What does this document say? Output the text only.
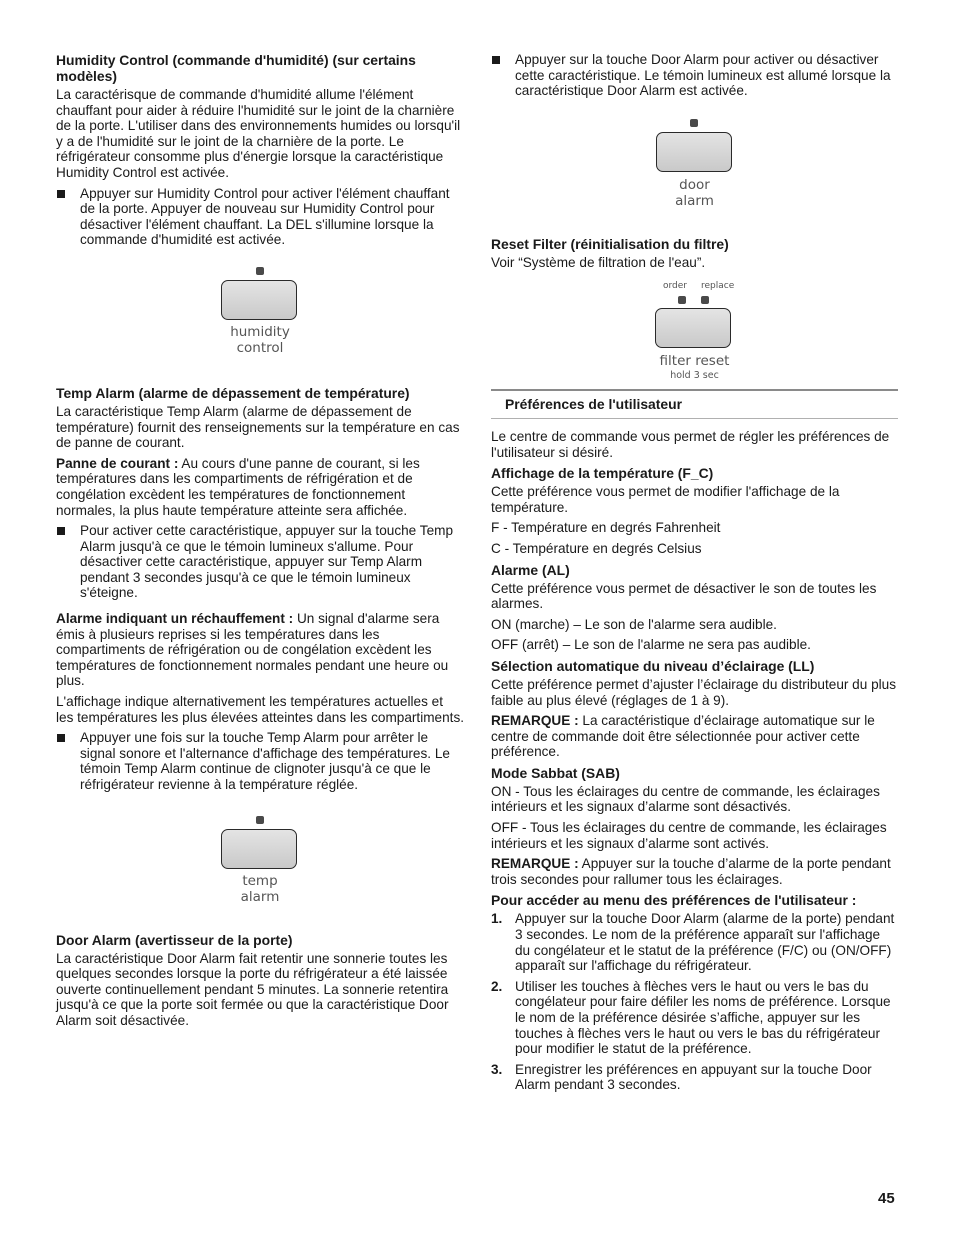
Humidity Control (commande d'humidité) (sur certains modèles)

La caractérisque de commande d'humidité allume l'élément chauffant pour aider à réduire l'humidité sur le joint de la charnière de la porte. L'utiliser dans des environnements humides ou lorsqu'il y a de l'humidité sur le joint de la charnière de la porte. Le réfrigérateur consomme plus d'énergie lorsque la caractéristique Humidity Control est activée.

Appuyer sur Humidity Control pour activer l'élément chauffant de la porte. Appuyer de nouveau sur Humidity Control pour désactiver l'élément chauffant. La DEL s'illumine lorsque la commande d'humidité est activée.
humidity
control
Temp Alarm (alarme de dépassement de température)

La caractéristique Temp Alarm (alarme de dépassement de température) fournit des renseignements sur la température en cas de panne de courant.

Panne de courant : Au cours d'une panne de courant, si les températures dans les compartiments de réfrigération et de congélation excèdent les températures de fonctionnement normales, la plus haute température atteinte sera affichée.

Pour activer cette caractéristique, appuyer sur la touche Temp Alarm jusqu'à ce que le témoin lumineux s'allume. Pour désactiver cette caractéristique, appuyer sur Temp Alarm pendant 3 secondes jusqu'à ce que le témoin lumineux s'éteigne.

Alarme indiquant un réchauffement : Un signal d'alarme sera émis à plusieurs reprises si les températures dans les compartiments de réfrigération ou de congélation excèdent les températures de fonctionnement normales pendant une heure ou plus.

L'affichage indique alternativement les températures actuelles et les températures les plus élevées atteintes dans les compartiments.

Appuyer une fois sur la touche Temp Alarm pour arrêter le signal sonore et l'alternance d'affichage des températures. Le témoin Temp Alarm continue de clignoter jusqu'à ce que le réfrigérateur revienne à la température réglée.
temp
alarm
Door Alarm (avertisseur de la porte)

La caractéristique Door Alarm fait retentir une sonnerie toutes les quelques secondes lorsque la porte du réfrigérateur a été laissée ouverte continuellement pendant 5 minutes. La sonnerie retentira jusqu'à ce que la porte soit fermée ou que la caractéristique Door Alarm soit désactivée.

Appuyer sur la touche Door Alarm pour activer ou désactiver cette caractéristique. Le témoin lumineux est allumé lorsque la caractéristique Door Alarm est activée.
door
alarm
Reset Filter (réinitialisation du filtre)

Voir “Système de filtration de l'eau”.

order replace
filter reset
hold 3 sec
Préférences de l'utilisateur

Le centre de commande vous permet de régler les préférences de l'utilisateur si désiré.

Affichage de la température (F_C)

Cette préférence vous permet de modifier l'affichage de la température.

F - Température en degrés Fahrenheit

C - Température en degrés Celsius

Alarme (AL)

Cette préférence vous permet de désactiver le son de toutes les alarmes.

ON (marche) – Le son de l'alarme sera audible.

OFF (arrêt) – Le son de l'alarme ne sera pas audible.

Sélection automatique du niveau d’éclairage (LL)

Cette préférence permet d’ajuster l’éclairage du distributeur du plus faible au plus élevé (réglages de 1 à 9).

REMARQUE : La caractéristique d’éclairage automatique sur le centre de commande doit être sélectionnée pour activer cette préférence.

Mode Sabbat (SAB)

ON - Tous les éclairages du centre de commande, les éclairages intérieurs et les signaux d’alarme sont désactivés.

OFF - Tous les éclairages du centre de commande, les éclairages intérieurs et les signaux d’alarme sont activés.

REMARQUE : Appuyer sur la touche d’alarme de la porte pendant trois secondes pour rallumer tous les éclairages.

Pour accéder au menu des préférences de l'utilisateur :
1. Appuyer sur la touche Door Alarm (alarme de la porte) pendant 3 secondes. Le nom de la préférence apparaît sur l'affichage du congélateur et le statut de la préférence (F/C) ou (ON/OFF) apparaît sur l'affichage du réfrigérateur.
2. Utiliser les touches à flèches vers le haut ou vers le bas du congélateur pour faire défiler les noms de préférence. Lorsque le nom de la préférence désirée s’affiche, appuyer sur les touches à flèches vers le haut ou vers le bas du réfrigérateur pour modifier le statut de la préférence.
3. Enregistrer les préférences en appuyant sur la touche Door Alarm pendant 3 secondes.
45
